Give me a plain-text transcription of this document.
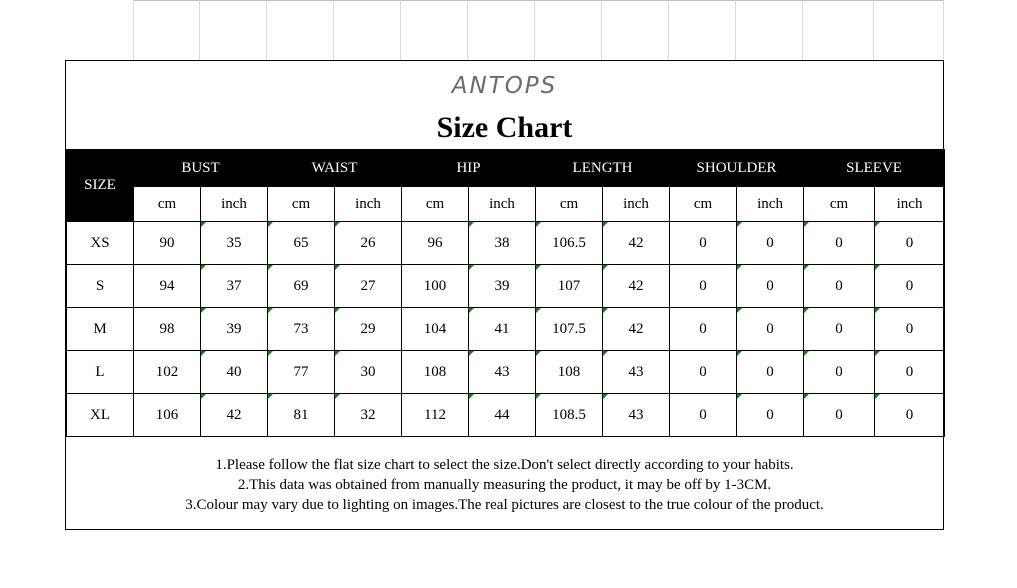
ANTOPS
Size Chart
SIZE	BUST		WAIST		HIP		LENGTH		SHOULDER		SLEEVE	
	cm	inch	cm	inch	cm	inch	cm	inch	cm	inch	cm	inch
XS	90	35	65	26	96	38	106.5	42	0	0	0	0
S	94	37	69	27	100	39	107	42	0	0	0	0
M	98	39	73	29	104	41	107.5	42	0	0	0	0
L	102	40	77	30	108	43	108	43	0	0	0	0
XL	106	42	81	32	112	44	108.5	43	0	0	0	0
1.Please follow the flat size chart to select the size.Don't select directly according to your habits.
2.This data was obtained from manually measuring the product, it may be off by 1-3CM.
3.Colour may vary due to lighting on images.The real pictures are closest to the true colour of the product.
